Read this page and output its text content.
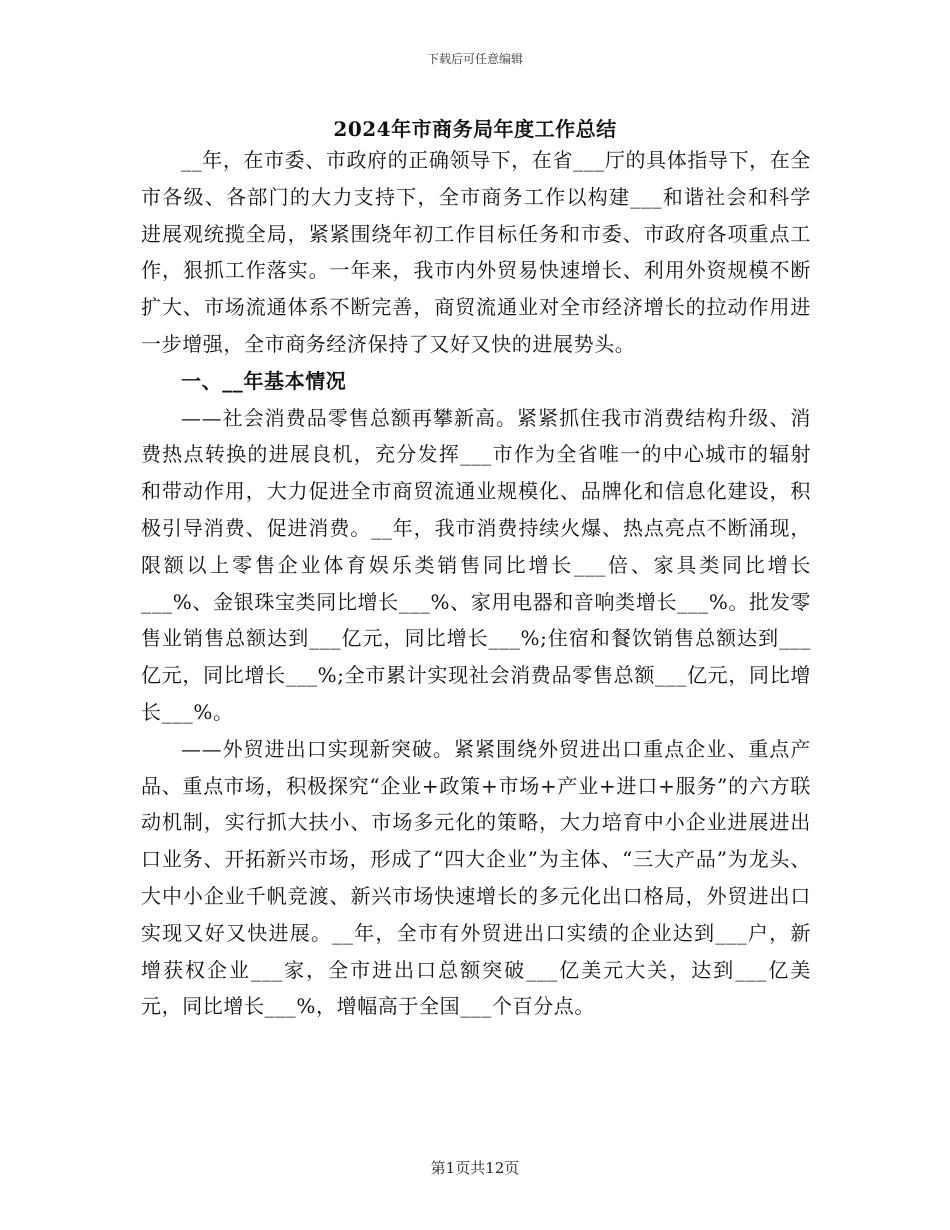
下载后可任意编辑
2024年市商务局年度工作总结

__年，在市委、市政府的正确领导下，在省___厅的具体指导下，在全市各级、各部门的大力支持下，全市商务工作以构建___和谐社会和科学进展观统揽全局，紧紧围绕年初工作目标任务和市委、市政府各项重点工作，狠抓工作落实。一年来，我市内外贸易快速增长、利用外资规模不断扩大、市场流通体系不断完善，商贸流通业对全市经济增长的拉动作用进一步增强，全市商务经济保持了又好又快的进展势头。

一、__年基本情况

——社会消费品零售总额再攀新高。紧紧抓住我市消费结构升级、消费热点转换的进展良机，充分发挥___市作为全省唯一的中心城市的辐射和带动作用，大力促进全市商贸流通业规模化、品牌化和信息化建设，积极引导消费、促进消费。__年，我市消费持续火爆、热点亮点不断涌现，限额以上零售企业体育娱乐类销售同比增长___倍、家具类同比增长___%、金银珠宝类同比增长___%、家用电器和音响类增长___%。批发零售业销售总额达到___亿元，同比增长___%;住宿和餐饮销售总额达到___亿元，同比增长___%;全市累计实现社会消费品零售总额___亿元，同比增长___%。

——外贸进出口实现新突破。紧紧围绕外贸进出口重点企业、重点产品、重点市场，积极探究“企业+政策+市场+产业+进口+服务”的六方联动机制，实行抓大扶小、市场多元化的策略，大力培育中小企业进展进出口业务、开拓新兴市场，形成了“四大企业”为主体、“三大产品”为龙头、大中小企业千帆竞渡、新兴市场快速增长的多元化出口格局，外贸进出口实现又好又快进展。__年，全市有外贸进出口实绩的企业达到___户，新增获权企业___家，全市进出口总额突破___亿美元大关，达到___亿美元，同比增长___%，增幅高于全国___个百分点。

第1页共12页
